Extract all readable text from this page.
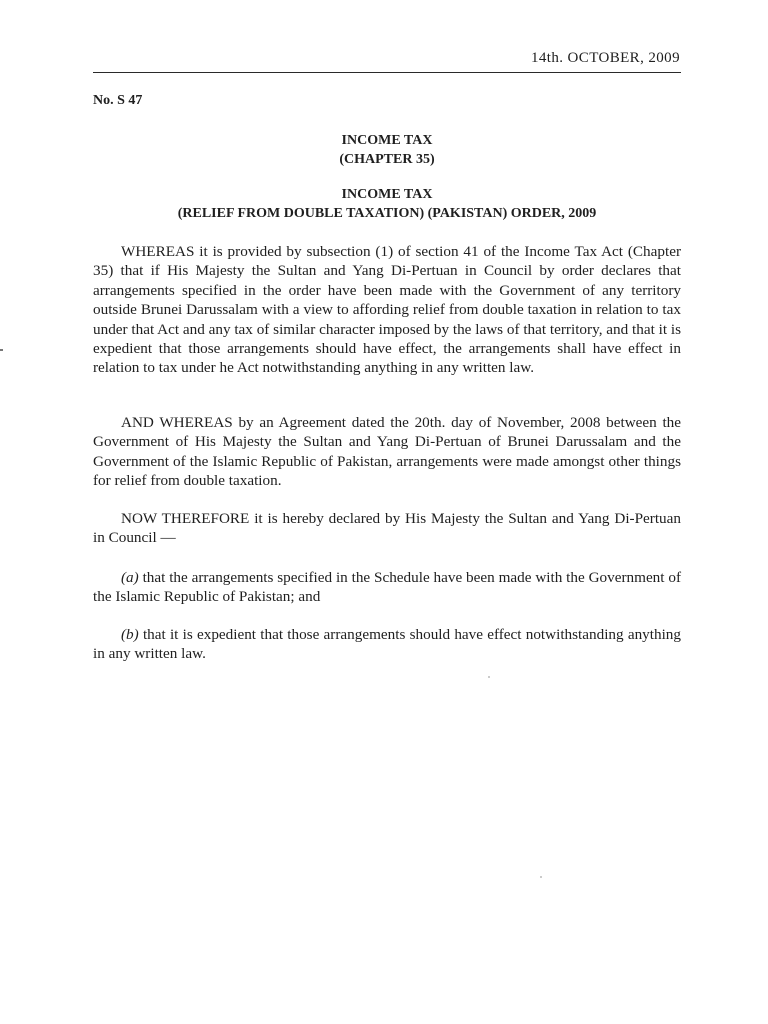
14th. OCTOBER, 2009
No. S 47
INCOME TAX
(CHAPTER 35)
INCOME TAX
(RELIEF FROM DOUBLE TAXATION) (PAKISTAN) ORDER, 2009

WHEREAS it is provided by subsection (1) of section 41 of the Income Tax Act (Chapter 35) that if His Majesty the Sultan and Yang Di-Pertuan in Council by order declares that arrangements specified in the order have been made with the Government of any territory outside Brunei Darussalam with a view to affording relief from double taxation in relation to tax under that Act and any tax of similar character imposed by the laws of that territory, and that it is expedient that those arrangements should have effect, the arrangements shall have effect in relation to tax under he Act notwithstanding anything in any written law.

AND WHEREAS by an Agreement dated the 20th. day of November, 2008 between the Government of His Majesty the Sultan and Yang Di-Pertuan of Brunei Darussalam and the Government of the Islamic Republic of Pakistan, arrangements were made amongst other things for relief from double taxation.

NOW THEREFORE it is hereby declared by His Majesty the Sultan and Yang Di-Pertuan in Council —

(a) that the arrangements specified in the Schedule have been made with the Government of the Islamic Republic of Pakistan; and

(b) that it is expedient that those arrangements should have effect notwithstanding anything in any written law.
